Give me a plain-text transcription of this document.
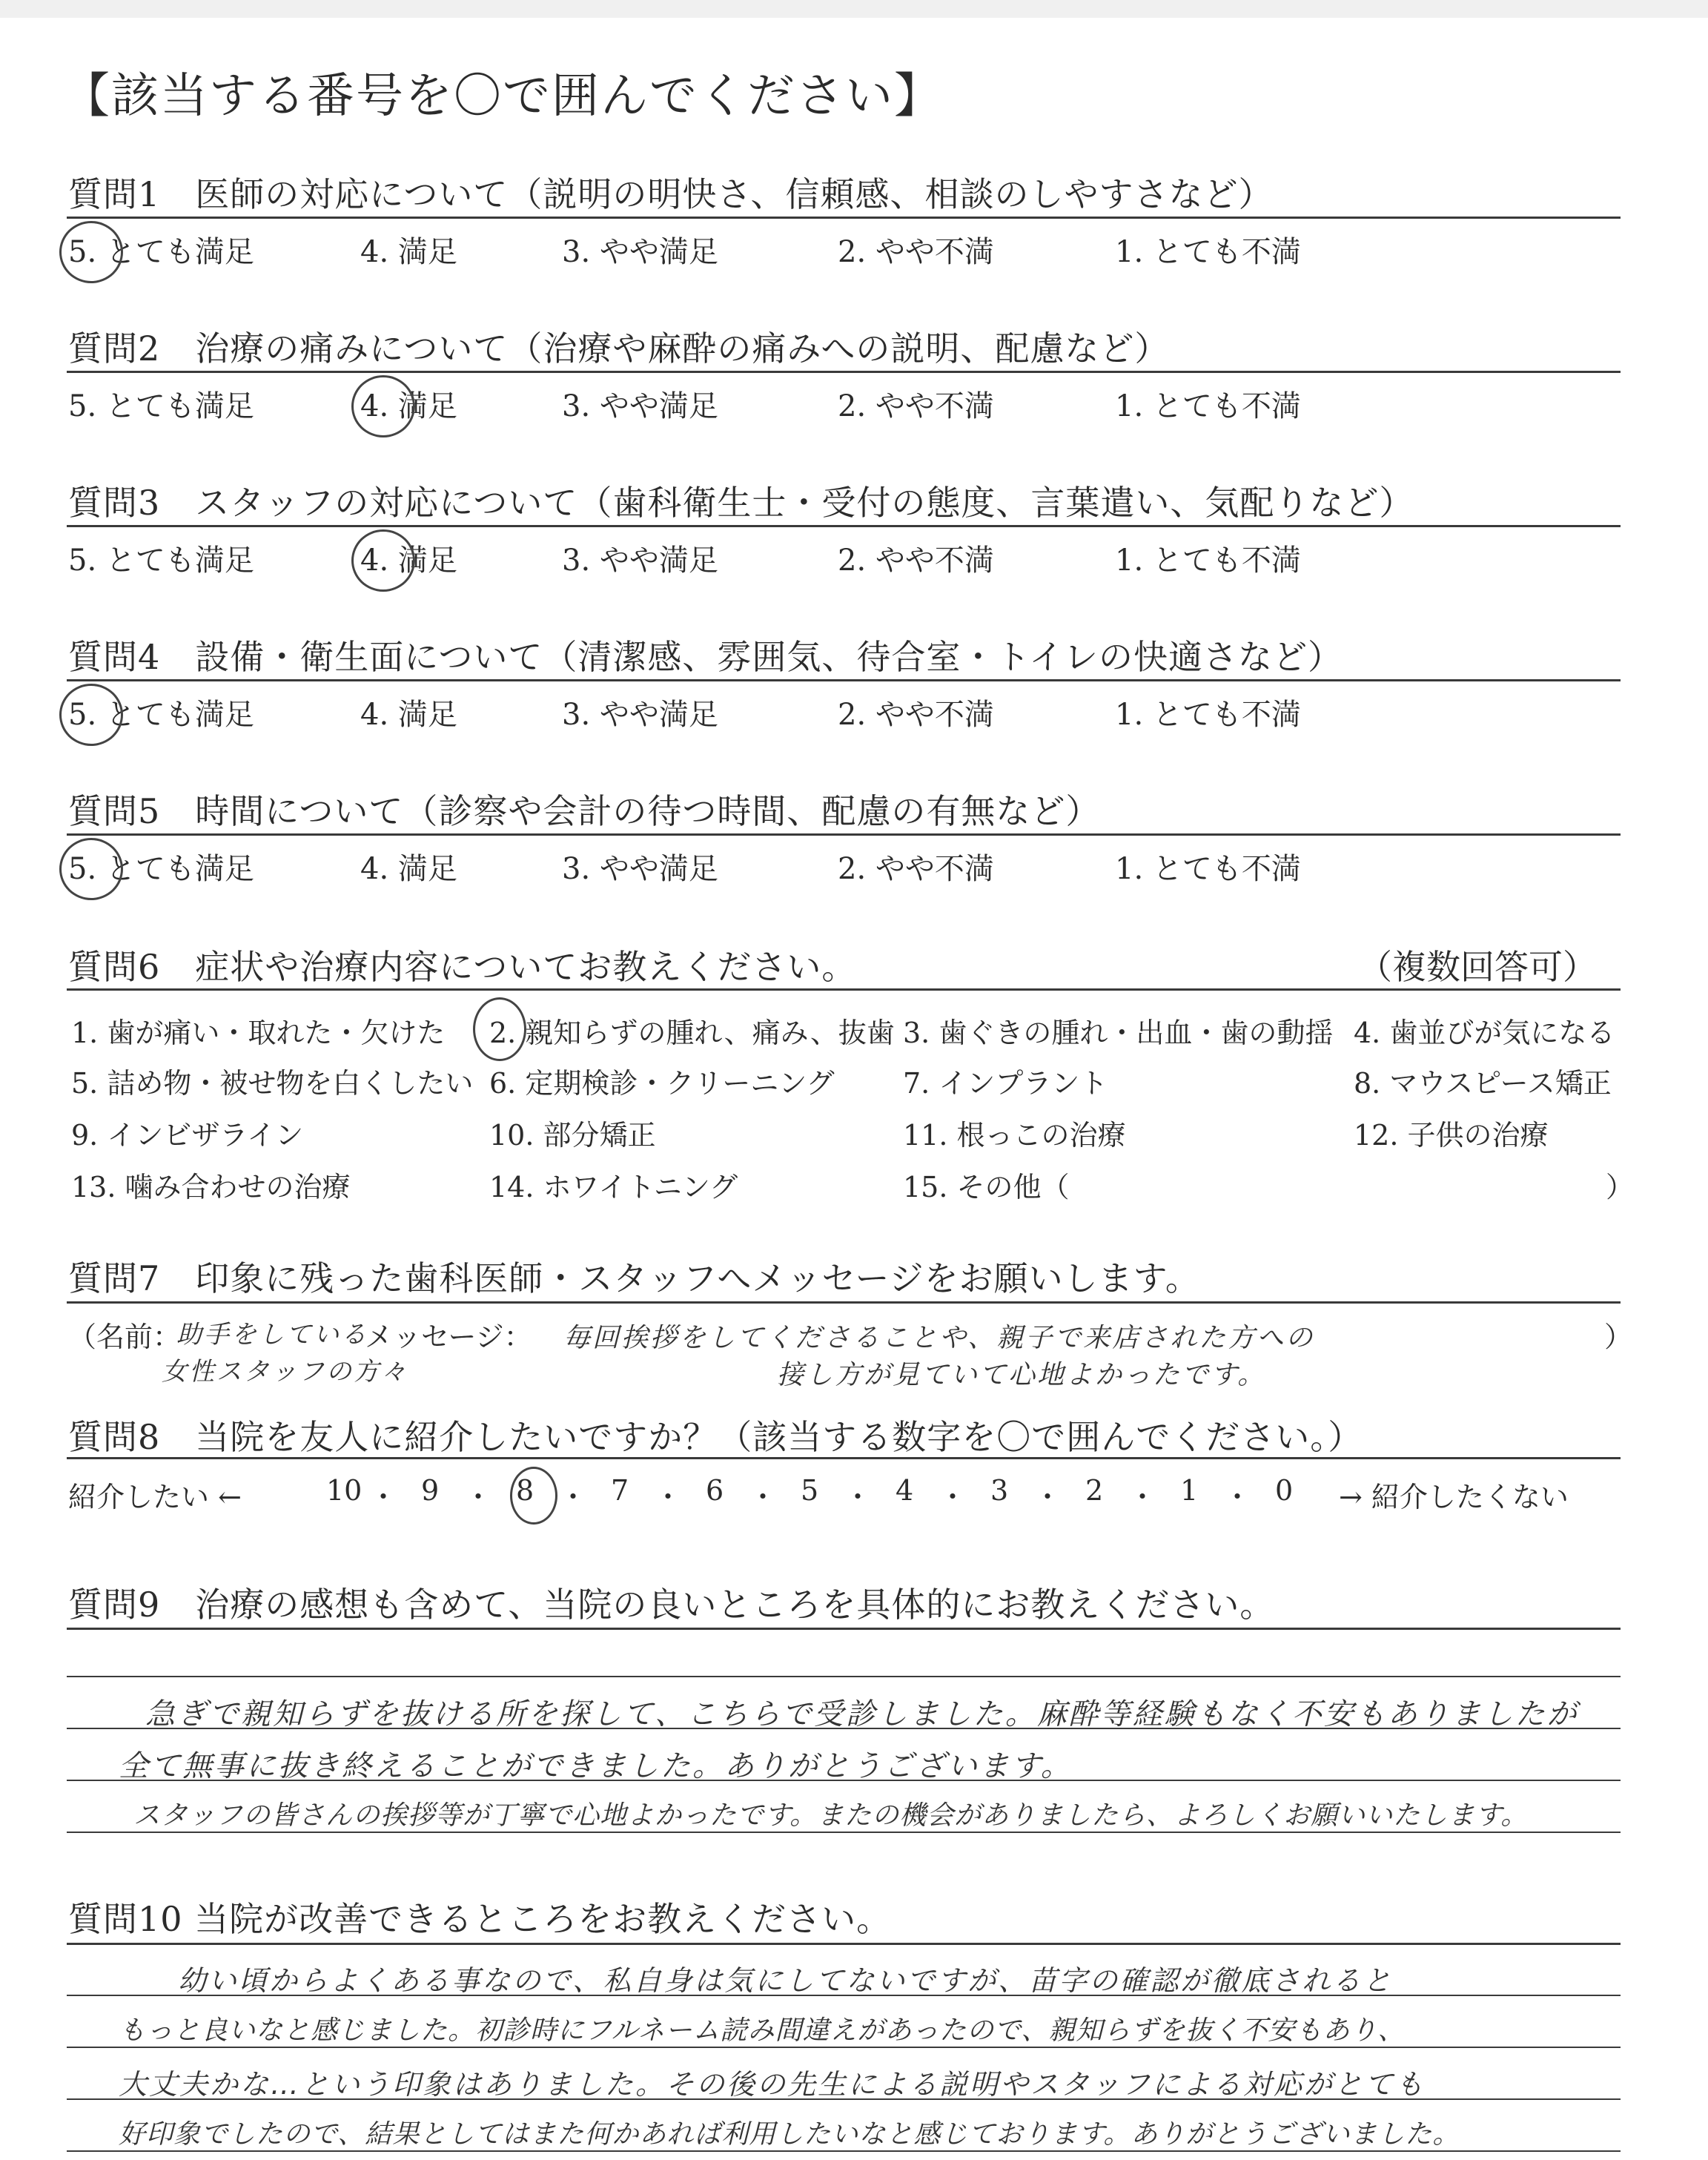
【該当する番号を〇で囲んでください】
質問1　医師の対応について（説明の明快さ、信頼感、相談のしやすさなど）
5. とても満足	4. 満足	3. やや満足	2. やや不満	1. とても不満
質問2　治療の痛みについて（治療や麻酔の痛みへの説明、配慮など）
5. とても満足	4. 満足	3. やや満足	2. やや不満	1. とても不満
質問3　スタッフの対応について（歯科衛生士・受付の態度、言葉遣い、気配りなど）
5. とても満足	4. 満足	3. やや満足	2. やや不満	1. とても不満
質問4　設備・衛生面について（清潔感、雰囲気、待合室・トイレの快適さなど）
5. とても満足	4. 満足	3. やや満足	2. やや不満	1. とても不満
質問5　時間について（診察や会計の待つ時間、配慮の有無など）
5. とても満足	4. 満足	3. やや満足	2. やや不満	1. とても不満
質問6　症状や治療内容についてお教えください。	（複数回答可）
1. 歯が痛い・取れた・欠けた 2. 親知らずの腫れ、痛み、抜歯 3. 歯ぐきの腫れ・出血・歯の動揺 4. 歯並びが気になる
5. 詰め物・被せ物を白くしたい 6. 定期検診・クリーニング 7. インプラント	8. マウスピース矯正
9. インビザライン	10. 部分矯正	11. 根っこの治療	12. 子供の治療
13. 噛み合わせの治療	14. ホワイトニング	15. その他（	）
質問7　印象に残った歯科医師・スタッフへメッセージをお願いします。
（名前：
助手をしている
女性スタッフの方々
メッセージ： 毎回挨拶をしてくださることや、親子で来店された方への
接し方が見ていて心地よかったです。
）
質問8　当院を友人に紹介したいですか？（該当する数字を〇で囲んでください。）
紹介したい ←	10 ・ 9 ・ 8 ・ 7 ・ 6 ・ 5 ・ 4 ・ 3 ・ 2 ・ 1 ・ 0 → 紹介したくない
質問9　治療の感想も含めて、当院の良いところを具体的にお教えください。
急ぎで親知らずを抜ける所を探して、こちらで受診しました。麻酔等経験もなく不安もありましたが
全て無事に抜き終えることができました。ありがとうございます。
スタッフの皆さんの挨拶等が丁寧で心地よかったです。またの機会がありましたら、よろしくお願いいたします。
質問10 当院が改善できるところをお教えください。
幼い頃からよくある事なので、私自身は気にしてないですが、苗字の確認が徹底されると
もっと良いなと感じました。初診時にフルネーム読み間違えがあったので、親知らずを抜く不安もあり、
大丈夫かな…という印象はありました。その後の先生による説明やスタッフによる対応がとても
好印象でしたので、結果としてはまた何かあれば利用したいなと感じております。ありがとうございました。
